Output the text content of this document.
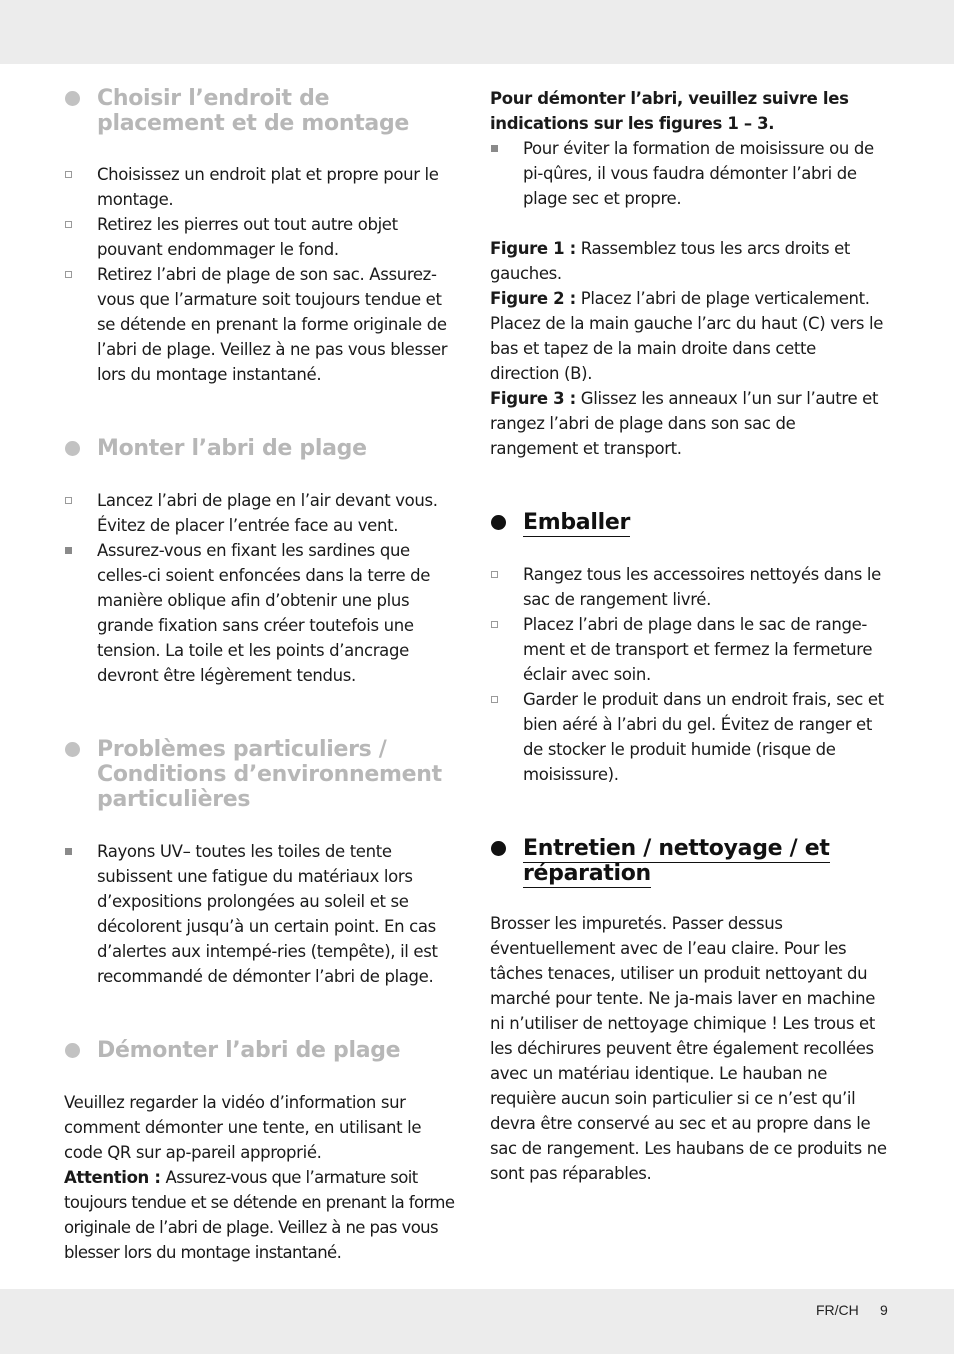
Choisir l’endroit de placement et de montage
Choisissez un endroit plat et propre pour le montage.
Retirez les pierres out tout autre objet pouvant endommager le fond.
Retirez l’abri de plage de son sac. Assurez-vous que l’armature soit toujours tendue et se détende en prenant la forme originale de l’abri de plage. Veillez à ne pas vous blesser lors du montage instantané.
Monter l’abri de plage
Lancez l’abri de plage en l’air devant vous. Évitez de placer l’entrée face au vent.
Assurez-vous en fixant les sardines que celles-ci soient enfoncées dans la terre de manière oblique afin d’obtenir une plus grande fixation sans créer toutefois une tension. La toile et les points d’ancrage devront être légèrement tendus.
Problèmes particuliers / Conditions d’environnement particulières
Rayons UV– toutes les toiles de tente subissent une fatigue du matériaux lors d’expositions prolongées au soleil et se décolorent jusqu’à un certain point. En cas d’alertes aux intempé-ries (tempête), il est recommandé de démonter l’abri de plage.
Démonter l’abri de plage

Veuillez regarder la vidéo d’information sur comment démonter une tente, en utilisant le code QR sur ap-pareil approprié.

Attention : Assurez-vous que l’armature soit toujours tendue et se détende en prenant la forme originale de l’abri de plage. Veillez à ne pas vous blesser lors du montage instantané.

Pour démonter l’abri, veuillez suivre les indications sur les figures 1 – 3.

Pour éviter la formation de moisissure ou de pi-qûres, il vous faudra démonter l’abri de plage sec et propre.

Figure 1 : Rassemblez tous les arcs droits et gauches.

Figure 2 : Placez l’abri de plage verticalement. Placez de la main gauche l’arc du haut (C) vers le bas et tapez de la main droite dans cette direction (B).

Figure 3 : Glissez les anneaux l’un sur l’autre et rangez l’abri de plage dans son sac de rangement et transport.

Emballer
Rangez tous les accessoires nettoyés dans le sac de rangement livré.
Placez l’abri de plage dans le sac de range-ment et de transport et fermez la fermeture éclair avec soin.
Garder le produit dans un endroit frais, sec et bien aéré à l’abri du gel. Évitez de ranger et de stocker le produit humide (risque de moisissure).
Entretien / nettoyage / et réparation

Brosser les impuretés. Passer dessus éventuellement avec de l’eau claire. Pour les tâches tenaces, utiliser un produit nettoyant du marché pour tente. Ne ja-mais laver en machine ni n’utiliser de nettoyage chimique ! Les trous et les déchirures peuvent être également recollées avec un matériau identique. Le hauban ne requière aucun soin particulier si ce n’est qu’il devra être conservé au sec et au propre dans le sac de rangement. Les haubans de ce produits ne sont pas réparables.

FR/CH 9
